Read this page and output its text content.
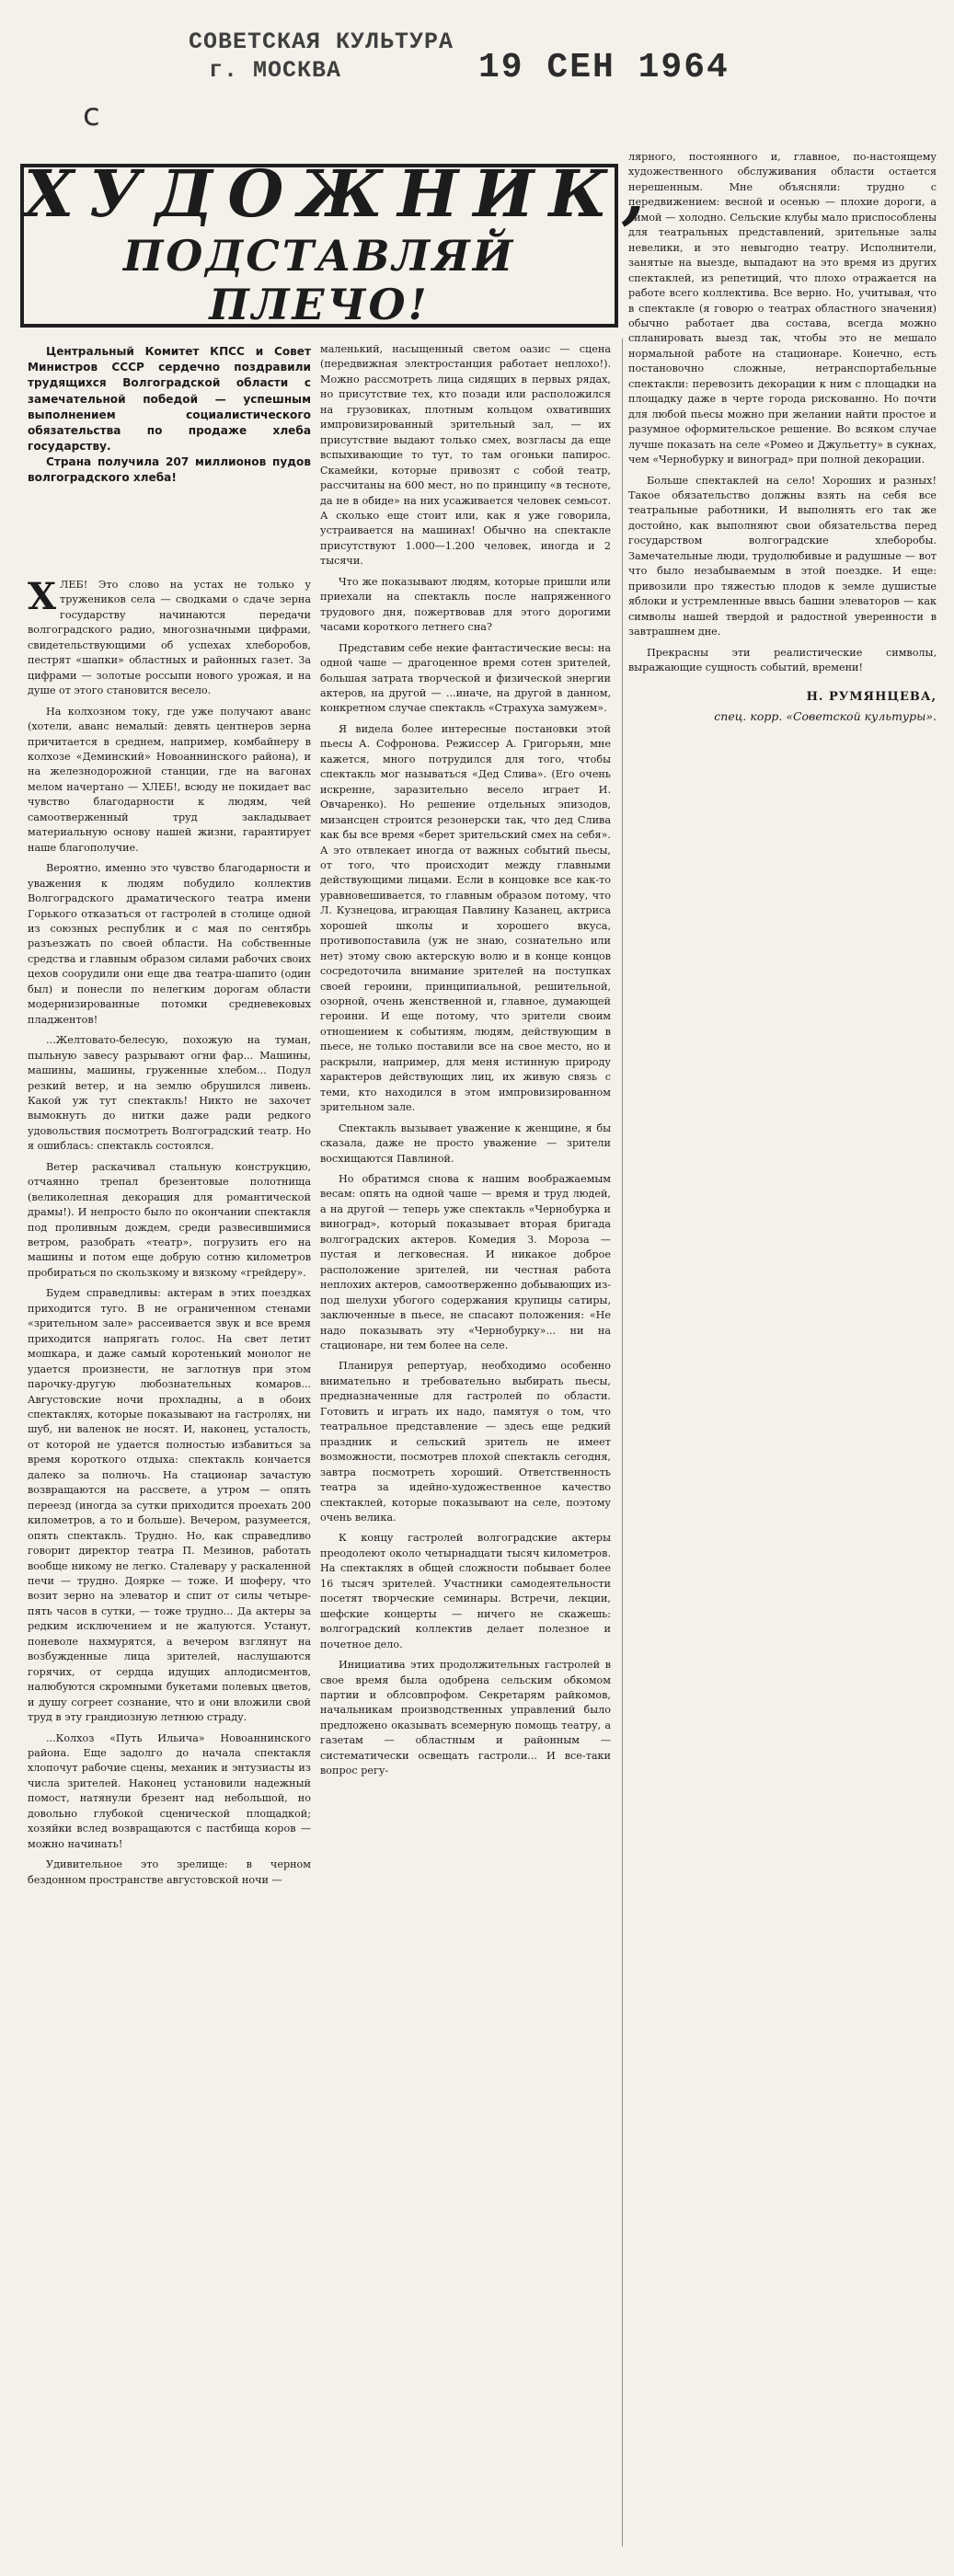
СОВЕТСКАЯ КУЛЬТУРА
г. МОСКВА	19 СЕН 1964
с

ХУДОЖНИК,

ПОДСТАВЛЯЙ ПЛЕЧО!

Центральный Комитет КПСС и Совет Министров СССР сердечно поздравили трудящихся Волгоградской области с замечательной победой — успешным выполнением социалистического обязательства по продаже хлеба государству.

Страна получила 207 миллионов пудов волгоградского хлеба!

ХЛЕБ! Это слово на устах не только у тружеников села — сводками о сдаче зерна государству начинаются передачи волгоградского радио, многозначными цифрами, свидетельствующими об успехах хлеборобов, пестрят «шапки» областных и районных газет. За цифрами — золотые россыпи нового урожая, и на душе от этого становится весело.

На колхозном току, где уже получают аванс (хотели, аванс немалый: девять центнеров зерна причитается в среднем, например, комбайнеру в колхозе «Деминский» Новоаннинского района), и на железнодорожной станции, где на вагонах мелом начертано — ХЛЕБ!, всюду не покидает вас чувство благодарности к людям, чей самоотверженный труд закладывает материальную основу нашей жизни, гарантирует наше благополучие.

Вероятно, именно это чувство благодарности и уважения к людям побудило коллектив Волгоградского драматического театра имени Горького отказаться от гастролей в столице одной из союзных республик и с мая по сентябрь разъезжать по своей области. На собственные средства и главным образом силами рабочих своих цехов соорудили они еще два театра-шапито (один был) и понесли по нелегким дорогам области модернизированные потомки средневековых пладжентов!

...Желтовато-белесую, похожую на туман, пыльную завесу разрывают огни фар... Машины, машины, машины, груженные хлебом... Подул резкий ветер, и на землю обрушился ливень. Какой уж тут спектакль! Никто не захочет вымокнуть до нитки даже ради редкого удовольствия посмотреть Волгоградский театр. Но я ошиблась: спектакль состоялся.

Ветер раскачивал стальную конструкцию, отчаянно трепал брезентовые полотнища (великолепная декорация для романтической драмы!). И непросто было по окончании спектакля под проливным дождем, среди развесившимися ветром, разобрать «театр», погрузить его на машины и потом еще добрую сотню километров пробираться по скользкому и вязкому «грейдеру».

Будем справедливы: актерам в этих поездках приходится туго. В не ограниченном стенами «зрительном зале» рассеивается звук и все время приходится напрягать голос. На свет летит мошкара, и даже самый коротенький монолог не удается произнести, не заглотнув при этом парочку-другую любознательных комаров... Августовские ночи прохладны, а в обоих спектаклях, которые показывают на гастролях, ни шуб, ни валенок не носят. И, наконец, усталость, от которой не удается полностью избавиться за время короткого отдыха: спектакль кончается далеко за полночь. На стационар зачастую возвращаются на рассвете, а утром — опять переезд (иногда за сутки приходится проехать 200 километров, а то и больше). Вечером, разумеется, опять спектакль. Трудно. Но, как справедливо говорит директор театра П. Мезинов, работать вообще никому не легко. Сталевару у раскаленной печи — трудно. Доярке — тоже. И шоферу, что возит зерно на элеватор и спит от силы четыре-пять часов в сутки, — тоже трудно... Да актеры за редким исключением и не жалуются. Устанут, поневоле нахмурятся, а вечером взглянут на возбужденные лица зрителей, наслушаются горячих, от сердца идущих аплодисментов, налюбуются скромными букетами полевых цветов, и душу согреет сознание, что и они вложили свой труд в эту грандиозную летнюю страду.

...Колхоз «Путь Ильича» Новоаннинского района. Еще задолго до начала спектакля хлопочут рабочие сцены, механик и энтузиасты из числа зрителей. Наконец установили надежный помост, натянули брезент над небольшой, но довольно глубокой сценической площадкой; хозяйки вслед возвращаются с пастбища коров — можно начинать!

Удивительное это зрелище: в черном бездонном пространстве августовской ночи —

маленький, насыщенный светом оазис — сцена (передвижная электростанция работает неплохо!). Можно рассмотреть лица сидящих в первых рядах, но присутствие тех, кто позади или расположился на грузовиках, плотным кольцом охвативших импровизированный зрительный зал, — их присутствие выдают только смех, возгласы да еще вспыхивающие то тут, то там огоньки папирос. Скамейки, которые привозят с собой театр, рассчитаны на 600 мест, но по принципу «в тесноте, да не в обиде» на них усаживается человек семьсот. А сколько еще стоит или, как я уже говорила, устраивается на машинах! Обычно на спектакле присутствуют 1.000—1.200 человек, иногда и 2 тысячи.

Что же показывают людям, которые пришли или приехали на спектакль после напряженного трудового дня, пожертвовав для этого дорогими часами короткого летнего сна?

Представим себе некие фантастические весы: на одной чаше — драгоценное время сотен зрителей, большая затрата творческой и физической энергии актеров, на другой — ...иначе, на другой в данном, конкретном случае спектакль «Страхуха замужем».

Я видела более интересные постановки этой пьесы А. Софронова. Режиссер А. Григорьян, мне кажется, много потрудился для того, чтобы спектакль мог называться «Дед Слива». (Его очень искренне, заразительно весело играет И. Овчаренко). Но решение отдельных эпизодов, мизансцен строится резонерски так, что дед Слива как бы все время «берет зрительский смех на себя». А это отвлекает иногда от важных событий пьесы, от того, что происходит между главными действующими лицами. Если в концовке все как-то уравновешивается, то главным образом потому, что Л. Кузнецова, играющая Павлину Казанец, актриса хорошей школы и хорошего вкуса, противопоставила (уж не знаю, сознательно или нет) этому свою актерскую волю и в конце концов сосредоточила внимание зрителей на поступках своей героини, принципиальной, решительной, озорной, очень женственной и, главное, думающей героини. И еще потому, что зрители своим отношением к событиям, людям, действующим в пьесе, не только поставили все на свое место, но и раскрыли, например, для меня истинную природу характеров действующих лиц, их живую связь с теми, кто находился в этом импровизированном зрительном зале.

Спектакль вызывает уважение к женщине, я бы сказала, даже не просто уважение — зрители восхищаются Павлиной.

Но обратимся снова к нашим воображаемым весам: опять на одной чаше — время и труд людей, а на другой — теперь уже спектакль «Чернобурка и виноград», который показывает вторая бригада волгоградских актеров. Комедия З. Мороза — пустая и легковесная. И никакое доброе расположение зрителей, ни честная работа неплохих актеров, самоотверженно добывающих из-под шелухи убогого содержания крупицы сатиры, заключенные в пьесе, не спасают положения: «Не надо показывать эту «Чернобурку»... ни на стационаре, ни тем более на селе.

Планируя репертуар, необходимо особенно внимательно и требовательно выбирать пьесы, предназначенные для гастролей по области. Готовить и играть их надо, памятуя о том, что театральное представление — здесь еще редкий праздник и сельский зритель не имеет возможности, посмотрев плохой спектакль сегодня, завтра посмотреть хороший. Ответственность театра за идейно-художественное качество спектаклей, которые показывают на селе, поэтому очень велика.

К концу гастролей волгоградские актеры преодолеют около четырнадцати тысяч километров. На спектаклях в общей сложности побывает более 16 тысяч зрителей. Участники самодеятельности посетят творческие семинары. Встречи, лекции, шефские концерты — ничего не скажешь: волгоградский коллектив делает полезное и почетное дело.

Инициатива этих продолжительных гастролей в свое время была одобрена сельским обкомом партии и облсовпрофом. Секретарям райкомов, начальникам производственных управлений было предложено оказывать всемерную помощь театру, а газетам — областным и районным — систематически освещать гастроли... И все-таки вопрос регу-

лярного, постоянного и, главное, по-настоящему художественного обслуживания области остается нерешенным. Мне объясняли: трудно с передвижением: весной и осенью — плохие дороги, а зимой — холодно. Сельские клубы мало приспособлены для театральных представлений, зрительные залы невелики, и это невыгодно театру. Исполнители, занятые на выезде, выпадают на это время из других спектаклей, из репетиций, что плохо отражается на работе всего коллектива. Все верно. Но, учитывая, что в спектакле (я говорю о театрах областного значения) обычно работает два состава, всегда можно спланировать выезд так, чтобы это не мешало нормальной работе на стационаре. Конечно, есть постановочно сложные, нетранспортабельные спектакли: перевозить декорации к ним с площадки на площадку даже в черте города рискованно. Но почти для любой пьесы можно при желании найти простое и разумное оформительское решение. Во всяком случае лучше показать на селе «Ромео и Джульетту» в сукнах, чем «Чернобурку и виноград» при полной декорации.

Больше спектаклей на село! Хороших и разных! Такое обязательство должны взять на себя все театральные работники, И выполнять его так же достойно, как выполняют свои обязательства перед государством волгоградские хлеборобы. Замечательные люди, трудолюбивые и радушные — вот что было незабываемым в этой поездке. И еще: привозили про тяжестью плодов к земле душистые яблоки и устремленные ввысь башни элеваторов — как символы нашей твердой и радостной уверенности в завтрашнем дне.

Прекрасны эти реалистические символы, выражающие сущность событий, времени!

Н. РУМЯНЦЕВА,
спец. корр. «Советской культуры».
